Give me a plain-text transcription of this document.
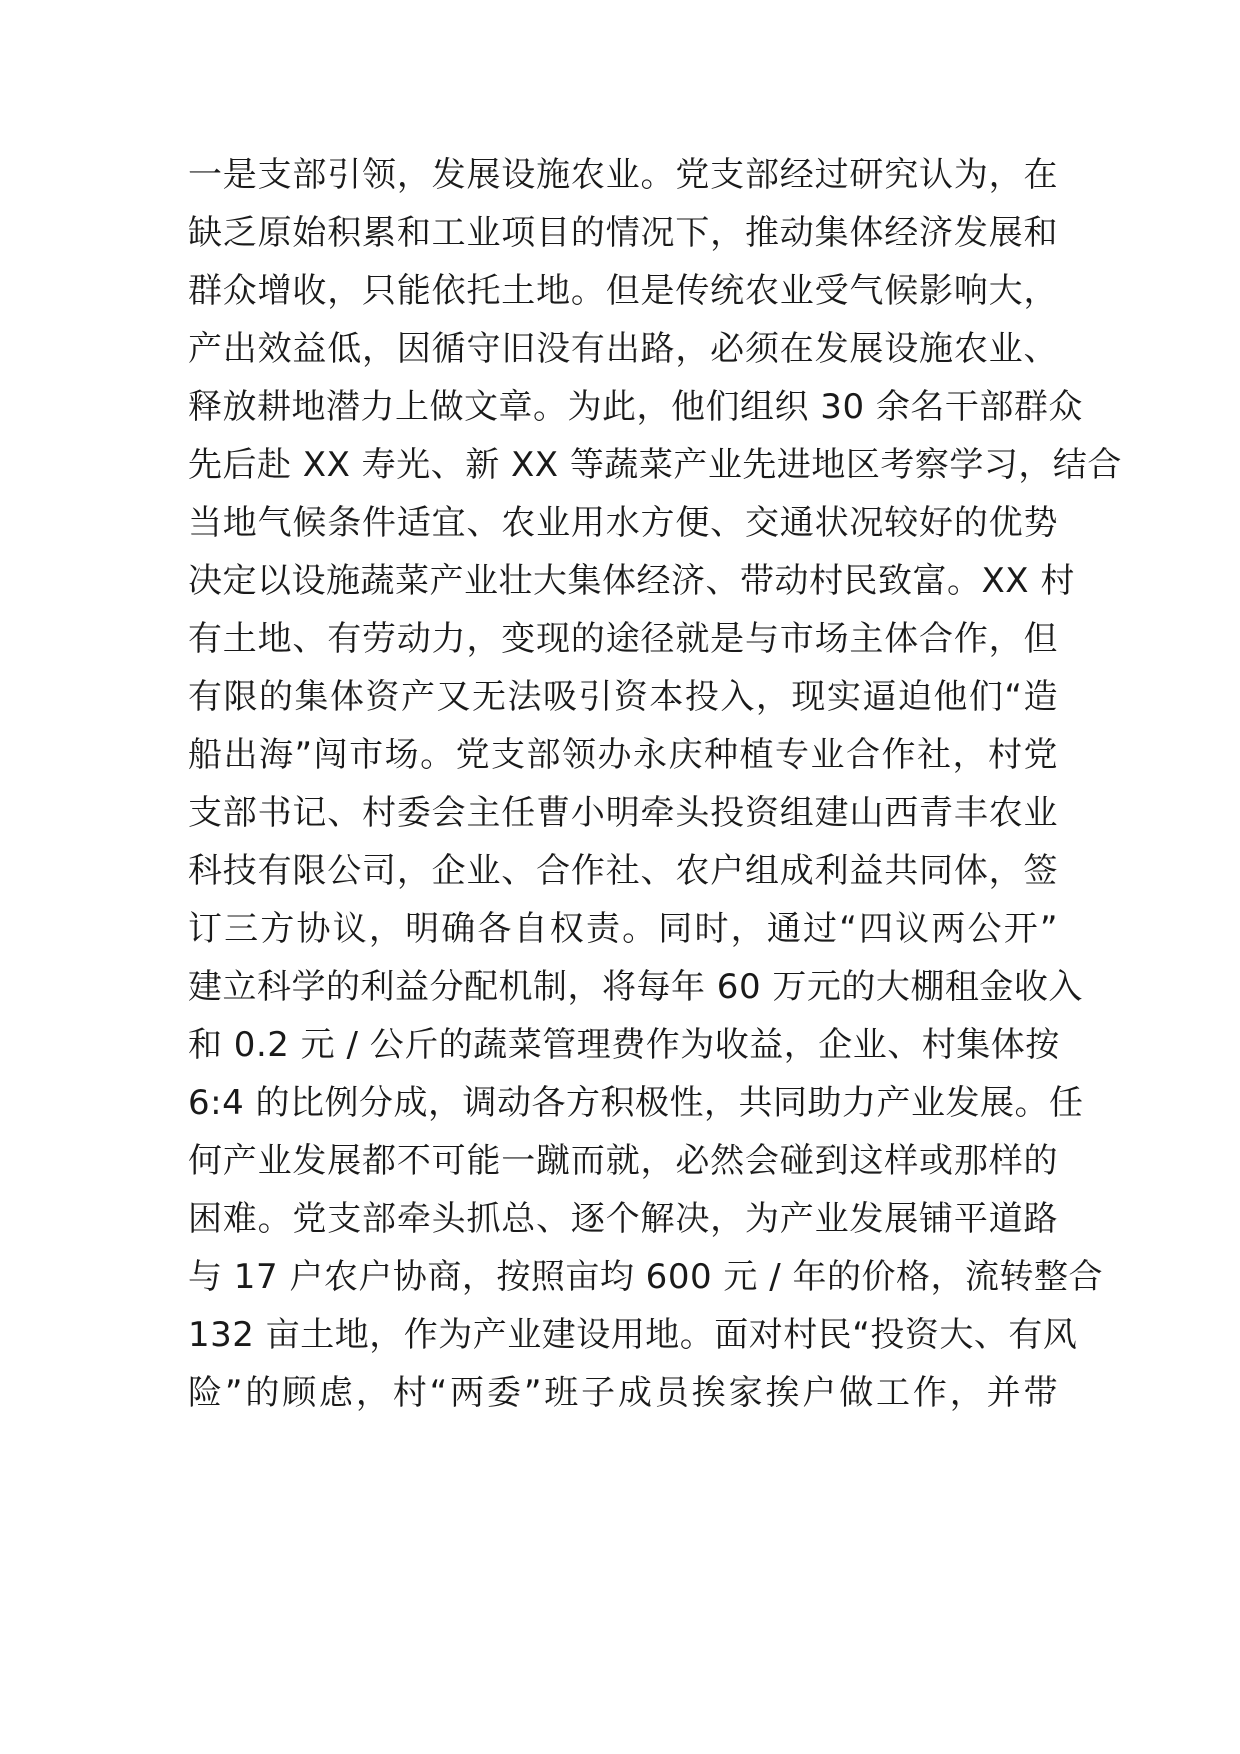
一是支部引领，发展设施农业。党支部经过研究认为，在
缺乏原始积累和工业项目的情况下，推动集体经济发展和
群众增收，只能依托土地。但是传统农业受气候影响大，
产出效益低，因循守旧没有出路，必须在发展设施农业、
释放耕地潜力上做文章。为此，他们组织 30 余名干部群众
先后赴 XX 寿光、新 XX 等蔬菜产业先进地区考察学习，结合
当地气候条件适宜、农业用水方便、交通状况较好的优势
决定以设施蔬菜产业壮大集体经济、带动村民致富。XX 村
有土地、有劳动力，变现的途径就是与市场主体合作，但
有限的集体资产又无法吸引资本投入，现实逼迫他们“造
船出海”闯市场。党支部领办永庆种植专业合作社，村党
支部书记、村委会主任曹小明牵头投资组建山西青丰农业
科技有限公司，企业、合作社、农户组成利益共同体，签
订三方协议，明确各自权责。同时，通过“四议两公开”
建立科学的利益分配机制，将每年 60 万元的大棚租金收入
和 0.2 元 / 公斤的蔬菜管理费作为收益，企业、村集体按
6:4 的比例分成，调动各方积极性，共同助力产业发展。任
何产业发展都不可能一蹴而就，必然会碰到这样或那样的
困难。党支部牵头抓总、逐个解决，为产业发展铺平道路
与 17 户农户协商，按照亩均 600 元 / 年的价格，流转整合
132 亩土地，作为产业建设用地。面对村民“投资大、有风
险”的顾虑，村“两委”班子成员挨家挨户做工作，并带
